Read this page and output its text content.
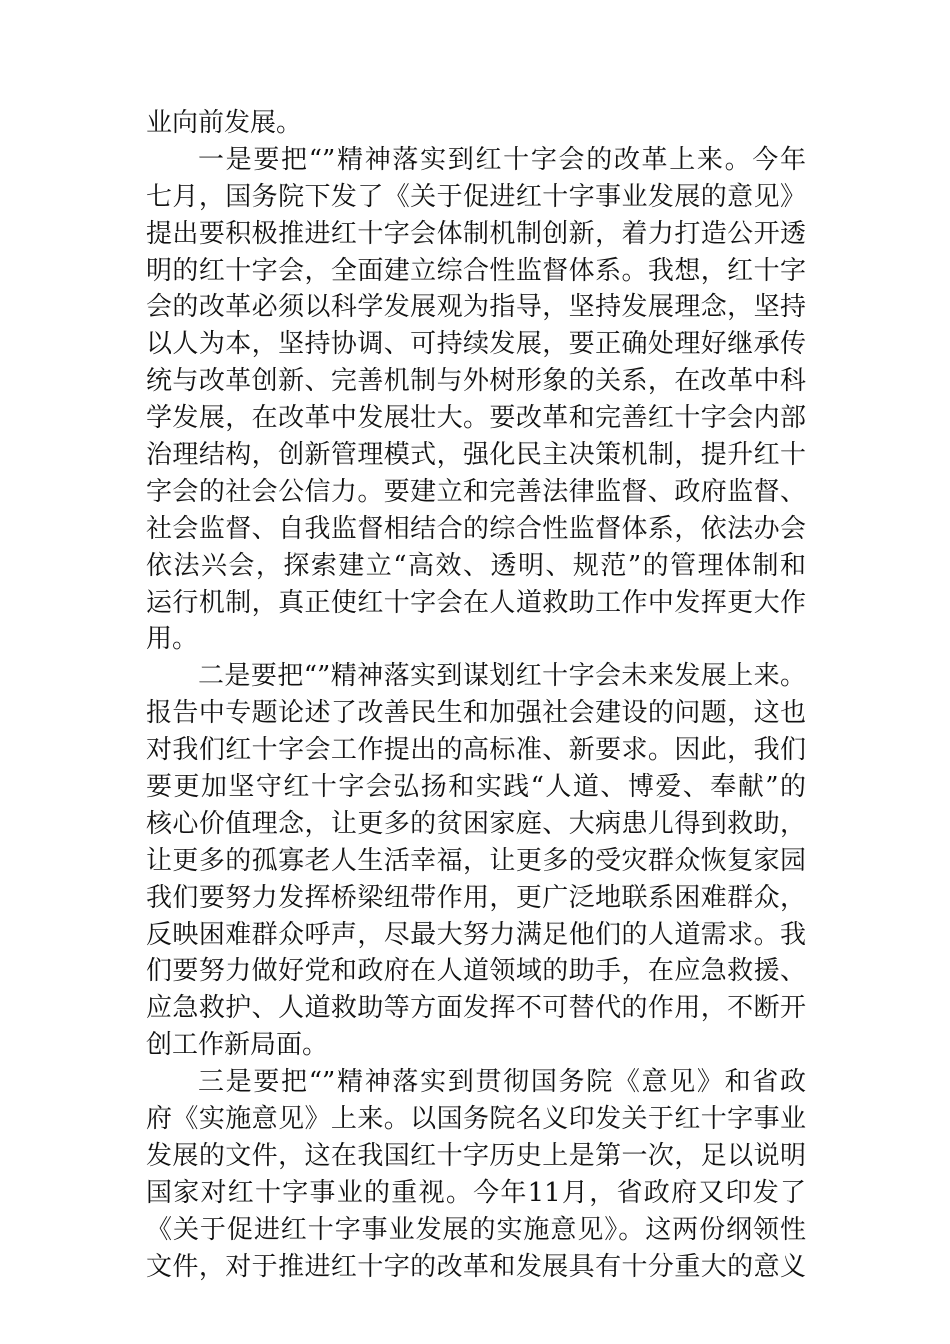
业向前发展。
一是要把“”精神落实到红十字会的改革上来。今年
七月，国务院下发了《关于促进红十字事业发展的意见》
提出要积极推进红十字会体制机制创新，着力打造公开透
明的红十字会，全面建立综合性监督体系。我想，红十字
会的改革必须以科学发展观为指导，坚持发展理念，坚持
以人为本，坚持协调、可持续发展，要正确处理好继承传
统与改革创新、完善机制与外树形象的关系，在改革中科
学发展，在改革中发展壮大。要改革和完善红十字会内部
治理结构，创新管理模式，强化民主决策机制，提升红十
字会的社会公信力。要建立和完善法律监督、政府监督、
社会监督、自我监督相结合的综合性监督体系，依法办会
依法兴会，探索建立“高效、透明、规范”的管理体制和
运行机制，真正使红十字会在人道救助工作中发挥更大作
用。
二是要把“”精神落实到谋划红十字会未来发展上来。
报告中专题论述了改善民生和加强社会建设的问题，这也
对我们红十字会工作提出的高标准、新要求。因此，我们
要更加坚守红十字会弘扬和实践“人道、博爱、奉献”的
核心价值理念，让更多的贫困家庭、大病患儿得到救助，
让更多的孤寡老人生活幸福，让更多的受灾群众恢复家园
我们要努力发挥桥梁纽带作用，更广泛地联系困难群众，
反映困难群众呼声，尽最大努力满足他们的人道需求。我
们要努力做好党和政府在人道领域的助手，在应急救援、
应急救护、人道救助等方面发挥不可替代的作用，不断开
创工作新局面。
三是要把“”精神落实到贯彻国务院《意见》和省政
府《实施意见》上来。以国务院名义印发关于红十字事业
发展的文件，这在我国红十字历史上是第一次，足以说明
国家对红十字事业的重视。今年11月，省政府又印发了
《关于促进红十字事业发展的实施意见》。这两份纲领性
文件，对于推进红十字的改革和发展具有十分重大的意义
